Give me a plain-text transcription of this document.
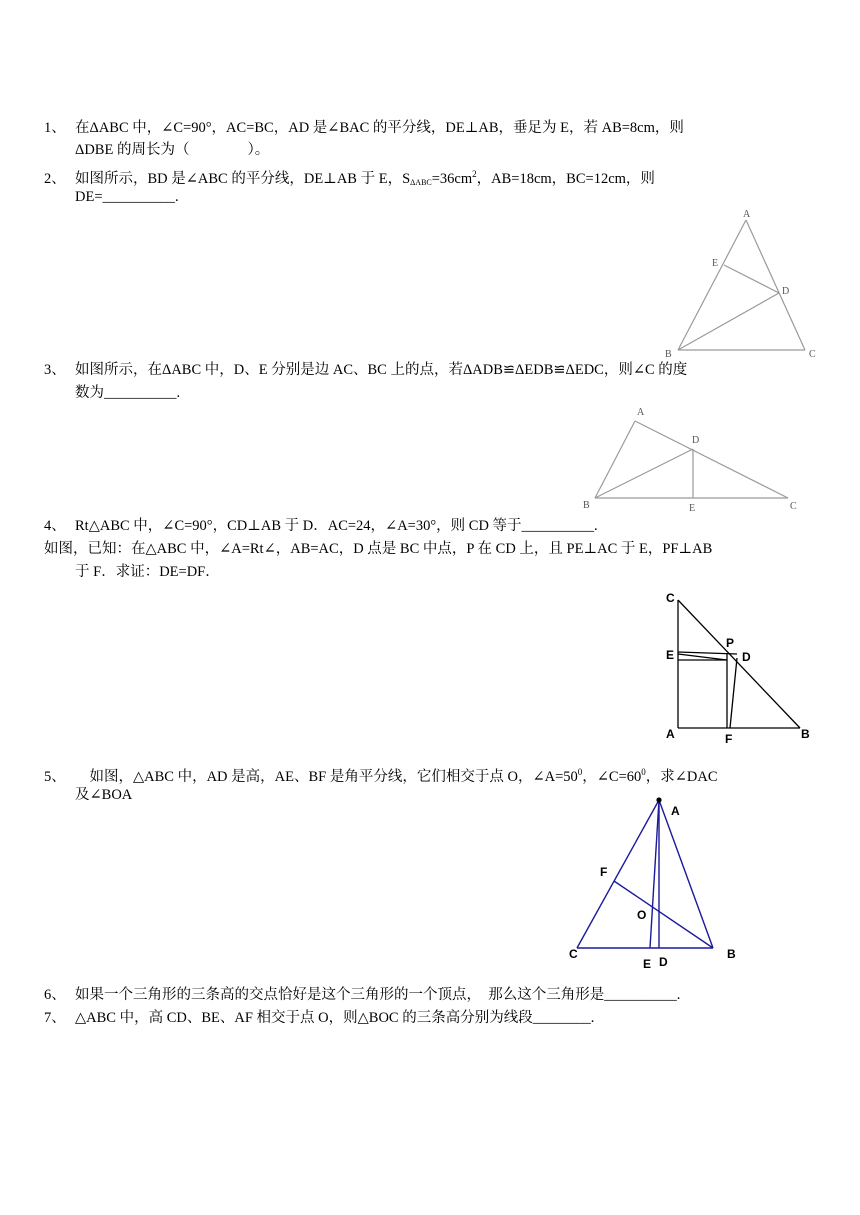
1、 在ΔABC 中，∠C=90°，AC=BC，AD 是∠BAC 的平分线，DE⊥AB，垂足为 E，若 AB=8cm，则
ΔDBE 的周长为（　　　　）。
2、 如图所示，BD 是∠ABC 的平分线，DE⊥AB 于 E，$S_{\Delta ABC}=36cm^2$，AB=18cm，BC=12cm，则
DE=__________.
A
E
D
B	C
3、 如图所示，在ΔABC 中，D、E 分别是边 AC、BC 上的点，若ΔADB≌ΔEDB≌ΔEDC，则∠C 的度
数为__________.
A
D
B	E	C
4、 Rt△ABC 中，∠C=90°，CD⊥AB 于 D．AC=24，∠A=30°，则 CD 等于__________.
如图，已知：在△ABC 中，∠A=Rt∠，AB=AC，D 点是 BC 中点，P 在 CD 上，且 PE⊥AC 于 E，PF⊥AB
于 F．求证：DE=DF．
C
P
E	D
A	F	B
5、　如图，△ABC 中，AD 是高，AE、BF 是角平分线，它们相交于点 O，$\angle A=50^0$，$\angle C=60^0$，求∠DAC
及∠BOA
A
F
O
C
E D
B
6、 如果一个三角形的三条高的交点恰好是这个三角形的一个顶点，　那么这个三角形是__________.
7、 △ABC 中，高 CD、BE、AF 相交于点 O，则△BOC 的三条高分别为线段________.
